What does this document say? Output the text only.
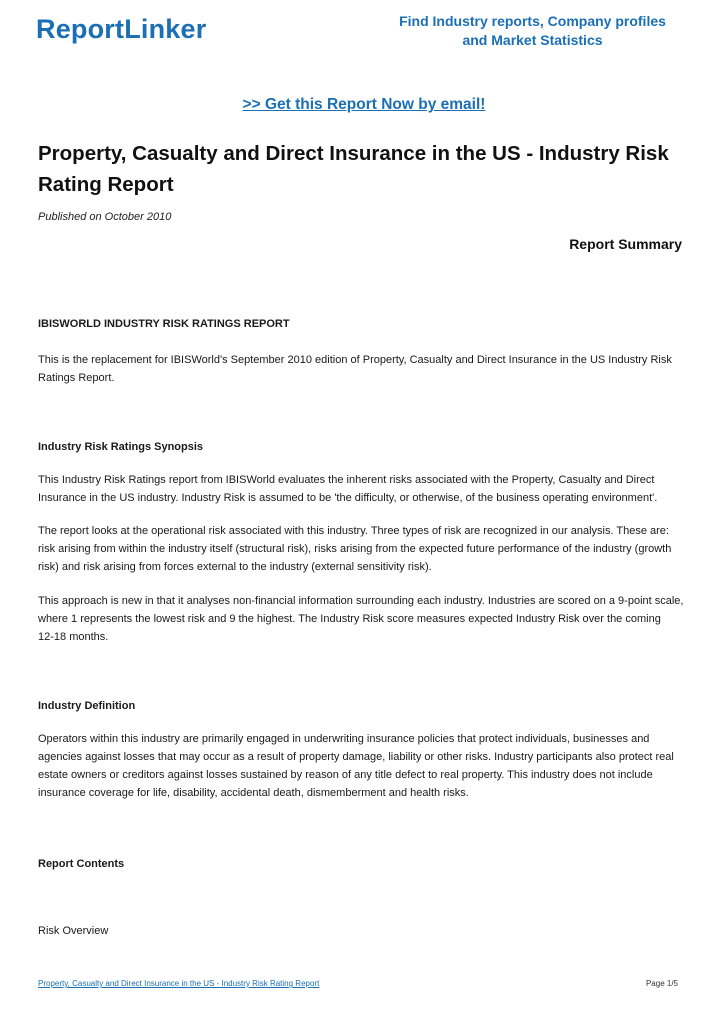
ReportLinker	Find Industry reports, Company profiles
and Market Statistics
>> Get this Report Now by email!
Property, Casualty and Direct Insurance in the US - Industry Risk
Rating Report
Published on October 2010
Report Summary
IBISWORLD INDUSTRY RISK RATINGS REPORT
This is the replacement for IBISWorld's September 2010 edition of Property, Casualty and Direct Insurance in the US Industry Risk
Ratings Report.
Industry Risk Ratings Synopsis
This Industry Risk Ratings report from IBISWorld evaluates the inherent risks associated with the Property, Casualty and Direct
Insurance in the US industry. Industry Risk is assumed to be 'the difficulty, or otherwise, of the business operating environment'.
The report looks at the operational risk associated with this industry. Three types of risk are recognized in our analysis. These are:
risk arising from within the industry itself (structural risk), risks arising from the expected future performance of the industry (growth
risk) and risk arising from forces external to the industry (external sensitivity risk).
This approach is new in that it analyses non-financial information surrounding each industry. Industries are scored on a 9-point scale,
where 1 represents the lowest risk and 9 the highest. The Industry Risk score measures expected Industry Risk over the coming
12-18 months.
Industry Definition
Operators within this industry are primarily engaged in underwriting insurance policies that protect individuals, businesses and
agencies against losses that may occur as a result of property damage, liability or other risks. Industry participants also protect real
estate owners or creditors against losses sustained by reason of any title defect to real property. This industry does not include
insurance coverage for life, disability, accidental death, dismemberment and health risks.
Report Contents
Risk Overview
Property, Casualty and Direct Insurance in the US - Industry Risk Rating Report	Page 1/5
